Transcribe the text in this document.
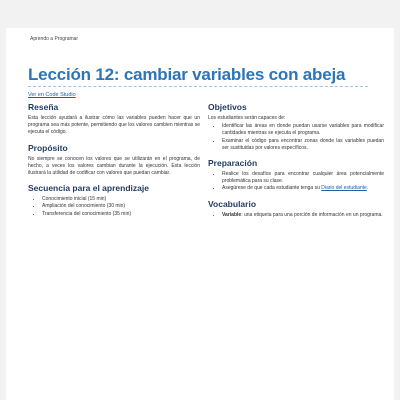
Aprendo a Programar
Lección 12: cambiar variables con abeja
Ver en Code Studio
Reseña

Esta lección ayudará a ilustrar cómo las variables pueden hacer que un programa sea más potente, permitiendo que los valores cambien mientras se ejecuta el código.

Propósito

No siempre se conocen los valores que se utilizarán en el programa, de hecho, a veces los valores cambian durante la ejecución. Esta lección ilustrará la utilidad de codificar con valores que puedan cambiar.

Secuencia para el aprendizaje
• Conocimiento inicial (15 min)
• Ampliación del conocimiento (30 min)
• Transferencia del conocimiento (35 min)
Objetivos

Los estudiantes serán capaces de:

• Identificar las áreas en donde puedan usarse variables para modificar cantidades mientras se ejecuta el programa.
• Examinar el código para encontrar zonas donde las variables puedan ser sustituidas por valores específicos.
Preparación
• Realice los desafíos para encontrar cualquier área potencialmente problemática para su clase.
• Asegúrese de que cada estudiante tenga su Diario del estudiante.
Vocabulario
• Variable: una etiqueta para una porción de información en un programa.
